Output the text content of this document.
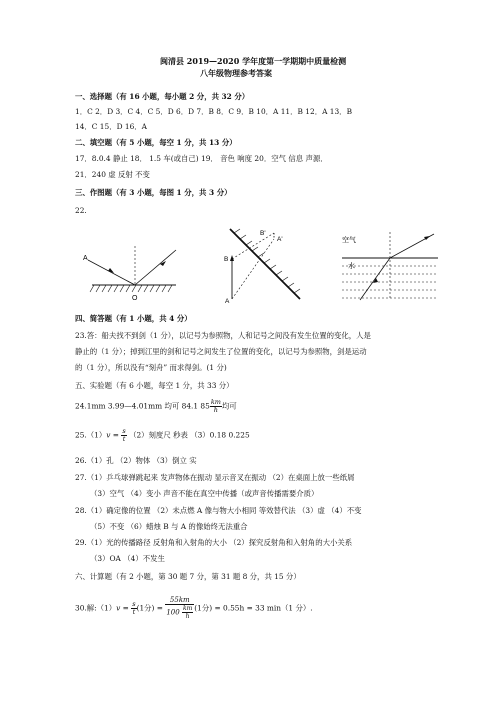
闽清县 2019—2020 学年度第一学期期中质量检测
八年级物理参考答案
一、选择题（有 16 小题，每小题 2 分，共 32 分）
1．C 2．D 3．C 4．C 5．D 6．D 7．B 8．C 9．B 10．A 11．B 12．A 13．B
14．C 15．D 16．A
二、填空题（有 5 小题，每空 1 分，共 13 分）
17．8.0.4 静止 18． 1.5 车(或自己) 19． 音色 响度 20．空气 信息 声源．
21．240 虚 反射 不变
三、作图题（有 3 小题，每图 1 分，共 3 分）
22.
A
O
B'
A'
B
A
空气
水
四、简答题（有 1 小题，共 4 分）
23.答：船夫找不到剑（1 分），以记号为参照物，人和记号之间没有发生位置的变化，人是
静止的（1 分）；掉到江里的剑和记号之间发生了位置的变化，以记号为参照物，剑是运动
的（1 分），所以没有“刻舟” 而求得剑。(1 分)
五、实验题（有 6 小题，每空 1 分，共 33 分）
24.1mm 3.99—4.01mm 均可 84.1 $85 \frac{km}{h}$ 均可
$25.(1)v = \frac{s}{t} (2)$刻度尺 秒表 （3）0.18 0.225
26.（1）孔 （2）物体 （3）倒立 实
27.（1）乒乓球弹跳起来 发声物体在振动 显示音叉在振动 （2）在桌面上放一些纸屑
（3）空气 （4）变小 声音不能在真空中传播（或声音传播需要介质）
28.（1）确定像的位置 （2）未点燃 A 像与物大小相同 等效替代法 （3）虚 （4）不变
（5）不变 （6）蜡烛 B 与 A 的像始终无法重合
29.（1）光的传播路径 反射角和入射角的大小 （2）探究反射角和入射角的大小关系
（3）OA （4）不发生
六、计算题（有 2 小题，第 30 题 7 分，第 31 题 8 分，共 15 分）
30.解:（1）v = $\frac{s}{t} (1$分) = $\frac{55km}{100 \frac{km}{h}} (1$分) = 0.55h = 33 min（1 分）.
